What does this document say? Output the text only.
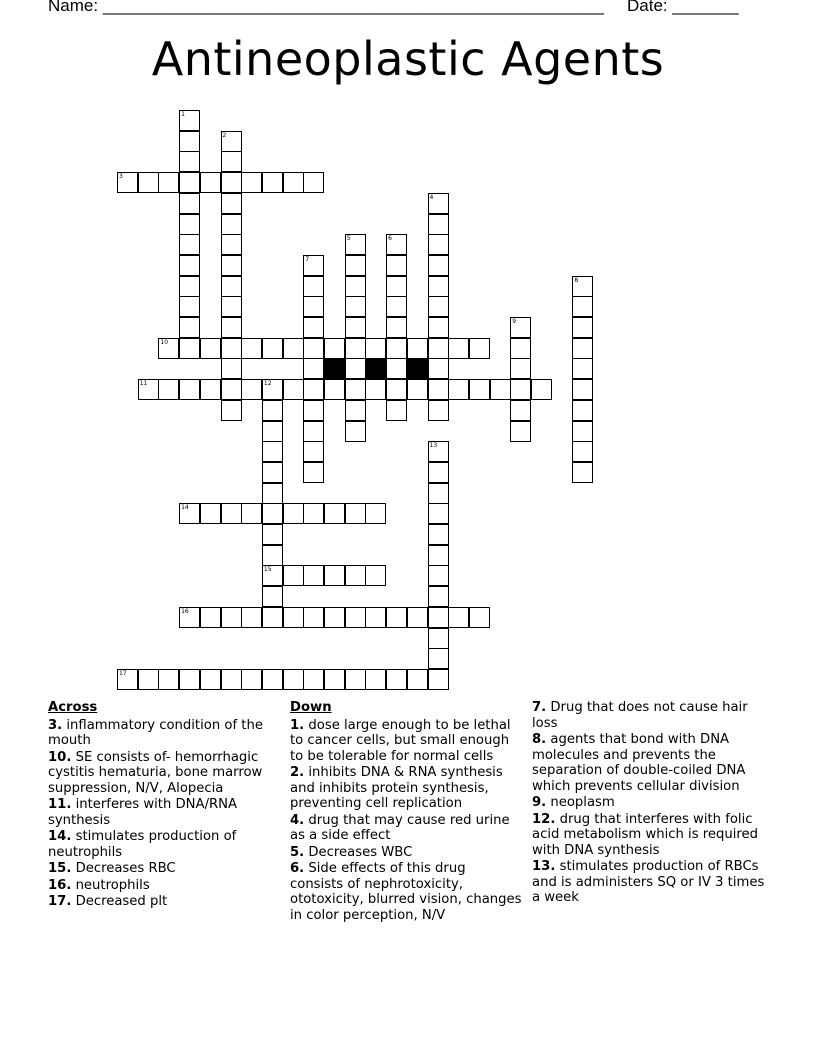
Name: _____________________________________________________ Date: _______
Antineoplastic Agents
1
2
3
4
5	6
7
8
9
10
11	12
15
13
14
16
17
Across
3. inflammatory condition of the mouth
10. SE consists of- hemorrhagic cystitis hematuria, bone marrow suppression, N/V, Alopecia
11. interferes with DNA/RNA synthesis
14. stimulates production of neutrophils
15. Decreases RBC
16. neutrophils
17. Decreased plt
Down
1. dose large enough to be lethal to cancer cells, but small enough to be tolerable for normal cells
2. inhibits DNA & RNA synthesis and inhibits protein synthesis, preventing cell replication
4. drug that may cause red urine as a side effect
5. Decreases WBC
6. Side effects of this drug consists of nephrotoxicity, ototoxicity, blurred vision, changes in color perception, N/V
7. Drug that does not cause hair loss
8. agents that bond with DNA molecules and prevents the separation of double-coiled DNA which prevents cellular division
9. neoplasm
12. drug that interferes with folic acid metabolism which is required with DNA synthesis
13. stimulates production of RBCs and is administers SQ or IV 3 times a week
